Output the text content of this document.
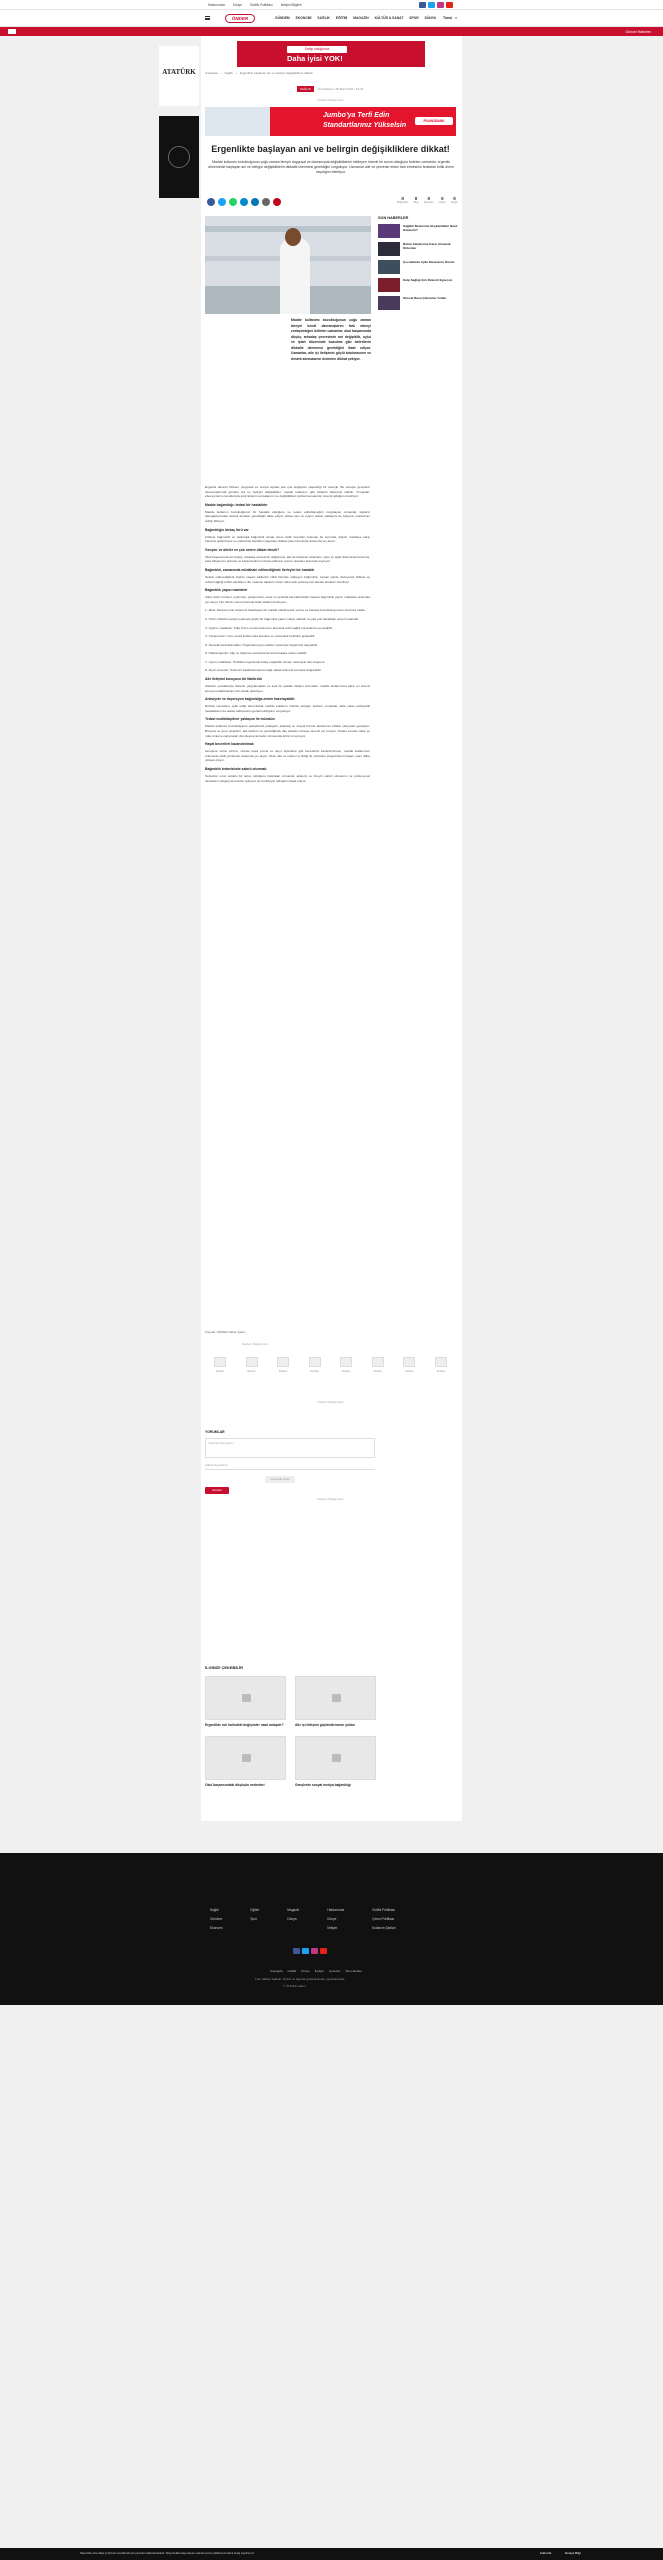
Hakkımızda	Künye	Gizlilik Politikası	İletişim Bilgileri
ÖNDER	GÜNDEM EKONOMİ SAĞLIK EĞİTİM MAGAZİN KÜLTÜR & SANAT SPOR DÜNYA Tümü ⌕
Güncel Haberler
ATATÜRK
Sahip olduğunuz
Daha iyisi YOK!
Anasayfa › Sağlık › Ergenlikte başlayan ani ve belirgin değişikliklere dikkat!
SAĞLIK	Güncelleme: 28 Mart 2023 - 13:44
Reklam Bağlantıları
Jumbo'ya Terfi Edin
Standartlarınız Yükselsin
FİNANSBANK
Ergenlikte başlayan ani ve belirgin değişikliklere dikkat!
Madde kullanım bozukluğunun çoğu zaman bireyin duygusal ve davranışsal değişikliklerini etkileyen önemli bir sorun olduğunu belirten uzmanlar, ergenlik döneminde başlayan ani ve belirgin değişikliklerin dikkatle izlenmesi gerektiğini vurguluyor. Uzmanlar aile ve çevrenin erken fark etmesinin tedavide kritik önem taşıdığını belirtiyor.
0
Beğendim
0
Alkış
0
Şaşırdım
0
Üzgün
0
Kızgın
Madde kullanımı bozukluğunun çoğu zaman bireyin kendi davranışlarını fark etmeyi zorlaştırdığını belirten uzmanlar, okul başarısında düşüş, arkadaş çevresinde ani değişiklik, uyku ve iştah düzeninde bozulma gibi belirtilerin dikkatle izlenmesi gerektiğini ifade ediyor. Uzmanlar, aile içi iletişimin güçlü tutulmasının ve destek alınmasının önemine dikkat çekiyor.
SON HABERLER
Sağlıklı Beslenme Alışkanlıkları Nasıl Kazanılır?
Bahar Alerjilerine Karşı Alınacak Önlemler
Çocuklarda Uyku Düzeninin Önemi
Kalp Sağlığı İçin Düzenli Egzersiz
Stresle Başa Çıkmanın Yolları

Ergenlik dönemi fiziksel, duygusal ve sosyal açıdan pek çok değişimin yaşandığı bir süreçtir. Bu süreçte gençlerin davranışlarında görülen ani ve belirgin değişiklikler, madde kullanımı gibi risklerin habercisi olabilir. Uzmanlar, ebeveynlerin çocuklarıyla açık iletişim kurmalarının ve değişiklikleri gözlemlemelerinin önemli olduğunu belirtiyor.

Madde bağımlılığı: tedavi bir hastalıktır

Madde kullanım bozukluğunun bir hastalık olduğunu ve tedavi edilebileceğini vurgulayan uzmanlar, kişilerin damgalanmadan destek almaları gerektiğini ifade ediyor. Erken tanı ve uygun tedavi yaklaşımı ile iyileşme oranlarının arttığı biliniyor.

Bağımlılığın birkaç türü var

Fiziksel bağımlılık ve psikolojik bağımlılık olmak üzere farklı boyutları bulunan bu sorunda, kişinin maddeye karşı tolerans geliştirmesi ve yoksunluk belirtileri yaşaması dikkat çeken durumlar arasında yer alıyor.

Gençler ve aileler en çok nelere dikkat etmeli?

Okul başarısında ani düşüş, arkadaş çevresinin değişmesi, aile ile iletişimin azalması, uyku ve iştah düzeninde bozulma, para ihtiyacının artması ve kişisel bakımın ihmal edilmesi uyarıcı işaretler arasında sayılıyor.

Bağımlılık, zamanında müdahale edilmediğinde ilerleyici bir hastalık

Tedavi edilmediğinde kişinin yaşam kalitesini ciddi biçimde etkileyen bağımlılık, zaman içinde ilerleyerek fiziksel ve ruhsal sağlığı tehdit edebiliyor. Bu nedenle ailelerin erken dönemde profesyonel destek almaları öneriliyor.

Bağımlılık yapıcı maddeler

Alkol, tütün ürünleri, uyarıcılar, yatıştırıcılar, esrar ve sentetik kannabinoidler başlıca bağımlılık yapıcı maddeler arasında yer alıyor. Her birinin vücut üzerinde farklı etkileri bulunuyor.

1- Alkol: Merkezi sinir sistemini baskılayan bir madde olarak karar verme ve hareket koordinasyonunu olumsuz etkiler.

2- Tütün: Nikotin içeriği nedeniyle güçlü bir bağımlılık yapıcı etkiye sahiptir ve pek çok hastalığın temel nedenidir.

3- Uyarıcı maddeler: Kalp hızını ve kan basıncını artırarak ciddi sağlık sorunlarına yol açabilir.

4- Yatıştırıcılar: Uzun süreli kullanımda tolerans ve yoksunluk belirtileri gelişebilir.

5- Sentetik kannabinoidler: Öngörülemeyen etkileri nedeniyle hayati risk taşıyabilir.

6- Halüsinojenler: Algı ve düşünce süreçlerinde bozulmalara neden olabilir.

7- Uçucu maddeler: Özellikle ergenlerde kolay erişilebilir olması nedeniyle risk oluşturur.

8- Afyon türevleri: Solunum baskılanmasına bağlı olarak ölümcül sonuçlar doğurabilir.

Aile iletişimi koruyucu bir faktördür

Ailelerin çocuklarıyla düzenli, yargılamadan ve açık bir şekilde iletişim kurmaları, madde kullanımına karşı en önemli koruyucu faktörlerden biri olarak görülüyor.

Anksiyete ve depresyon bağımlılığa zemin hazırlayabilir

Ruhsal sorunların eşlik ettiği durumlarda madde kullanım riskinin arttığını belirten uzmanlar, altta yatan psikiyatrik hastalıkların da tedavi edilmesinin gerekli olduğunu vurguluyor.

Tedavi multidisipliner yaklaşım ile mümkün

Madde kullanım bozukluğunun tedavisinde psikiyatri, psikoloji ve sosyal hizmet alanlarının birlikte çalışması gerekiyor. Bireysel ve grup terapileri, aile katılımı ve gerektiğinde ilaç tedavisi süreçte önemli yer tutuyor. Tedavi sonrası takip ve nüks önleme çalışmaları da iyileşmenin kalıcı olmasında kritik rol oynuyor.

Hayat becerileri kazandırılmalı

Gençlere sorun çözme, stresle başa çıkma ve hayır diyebilme gibi becerilerin kazandırılması, madde kullanımını önlemede etkili yöntemler arasında yer alıyor. Okul, aile ve toplum iş birliği ile yürütülen programların başarı oranı daha yüksek oluyor.

Bağımlılık tedavisinde sabırlı olunmalı

Tedavinin uzun soluklu bir süreç olduğunu hatırlatan uzmanlar, ailelerin ve bireyin sabırlı olmasının ve profesyonel destekten vazgeçmemesinin iyileşme için belirleyici olduğunu ifade ediyor.

Kaynak: ÖNDER Haber Ajansı
Reklam Bağlantıları
Reklam	Reklam	Reklam	Reklam	Reklam	Reklam	Reklam	Reklam
Reklam Bağlantıları
YORUMLAR
Yorumunuzu yazın...
Adınız Soyadınız
Güvenlik Kodu
Gönder
Reklam Bağlantıları
İLGİNİZİ ÇEKEBİLİR
Ergenlikte ruh halindeki değişimler nasıl anlaşılır?	Aile içi iletişimi güçlendirmenin yolları
Okul başarısındaki düşüşün nedenleri	Gençlerde sosyal medya bağımlılığı
Sağlık
Gündem
Ekonomi
Eğitim
Spor
Magazin
Dünya
Hakkımızda
Künye
İletişim
Gizlilik Politikası
Çerez Politikası
Kullanım Şartları
Anasayfa Gizlilik Künye İletişim Çerezler Site Haritası
Tüm hakları saklıdır. İzinsiz ve kaynak gösterilmeden yayınlanamaz.
© ÖNDER Haber
Sitemizde size daha iyi hizmet verebilmek için çerezler kullanılmaktadır. Siteyi kullanmaya devam ederek çerez politikamızı kabul etmiş sayılırsınız.	Kabul Et	Detaylı Bilgi
